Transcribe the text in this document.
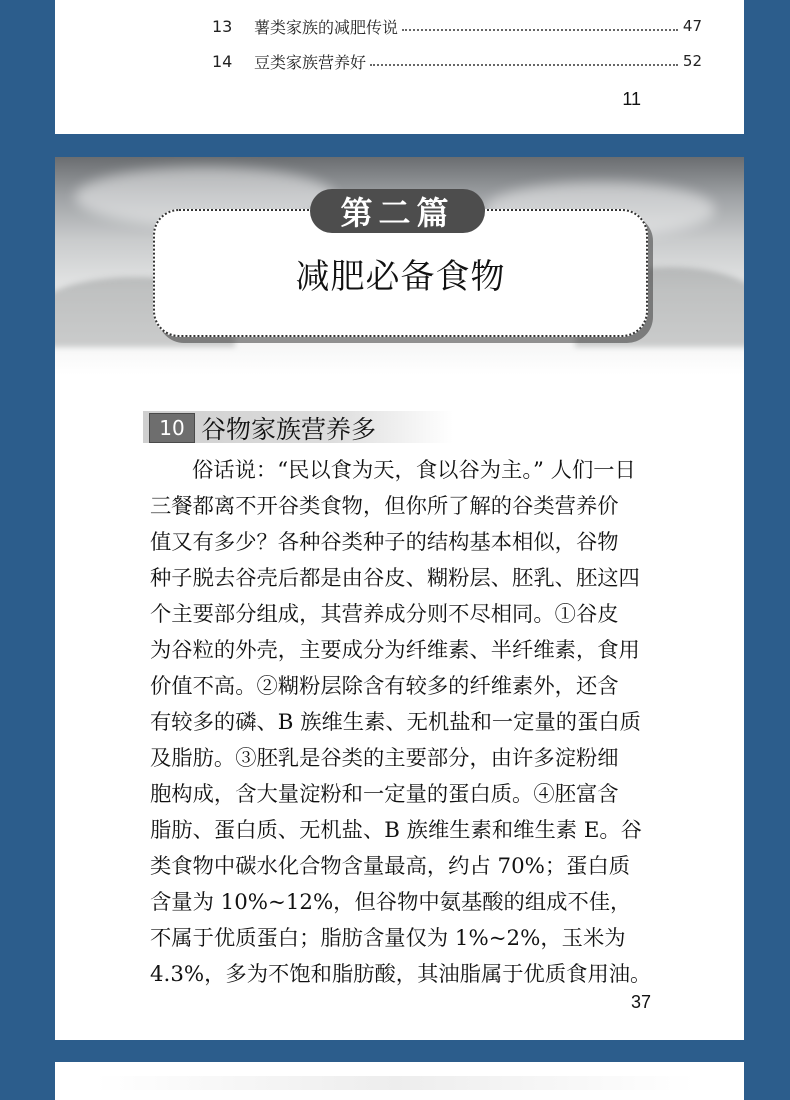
13	薯类家族的减肥传说	47
14	豆类家族营养好	52
11
第二篇
减肥必备食物
10 谷物家族营养多
俗话说：“民以食为天，食以谷为主。” 人们一日
三餐都离不开谷类食物，但你所了解的谷类营养价
值又有多少？各种谷类种子的结构基本相似，谷物
种子脱去谷壳后都是由谷皮、糊粉层、胚乳、胚这四
个主要部分组成，其营养成分则不尽相同。①谷皮
为谷粒的外壳，主要成分为纤维素、半纤维素，食用
价值不高。②糊粉层除含有较多的纤维素外，还含
有较多的磷、B 族维生素、无机盐和一定量的蛋白质
及脂肪。③胚乳是谷类的主要部分，由许多淀粉细
胞构成，含大量淀粉和一定量的蛋白质。④胚富含
脂肪、蛋白质、无机盐、B 族维生素和维生素 E。谷
类食物中碳水化合物含量最高，约占 70%；蛋白质
含量为 10%~12%，但谷物中氨基酸的组成不佳，
不属于优质蛋白；脂肪含量仅为 1%~2%，玉米为
4.3%，多为不饱和脂肪酸，其油脂属于优质食用油。
37
